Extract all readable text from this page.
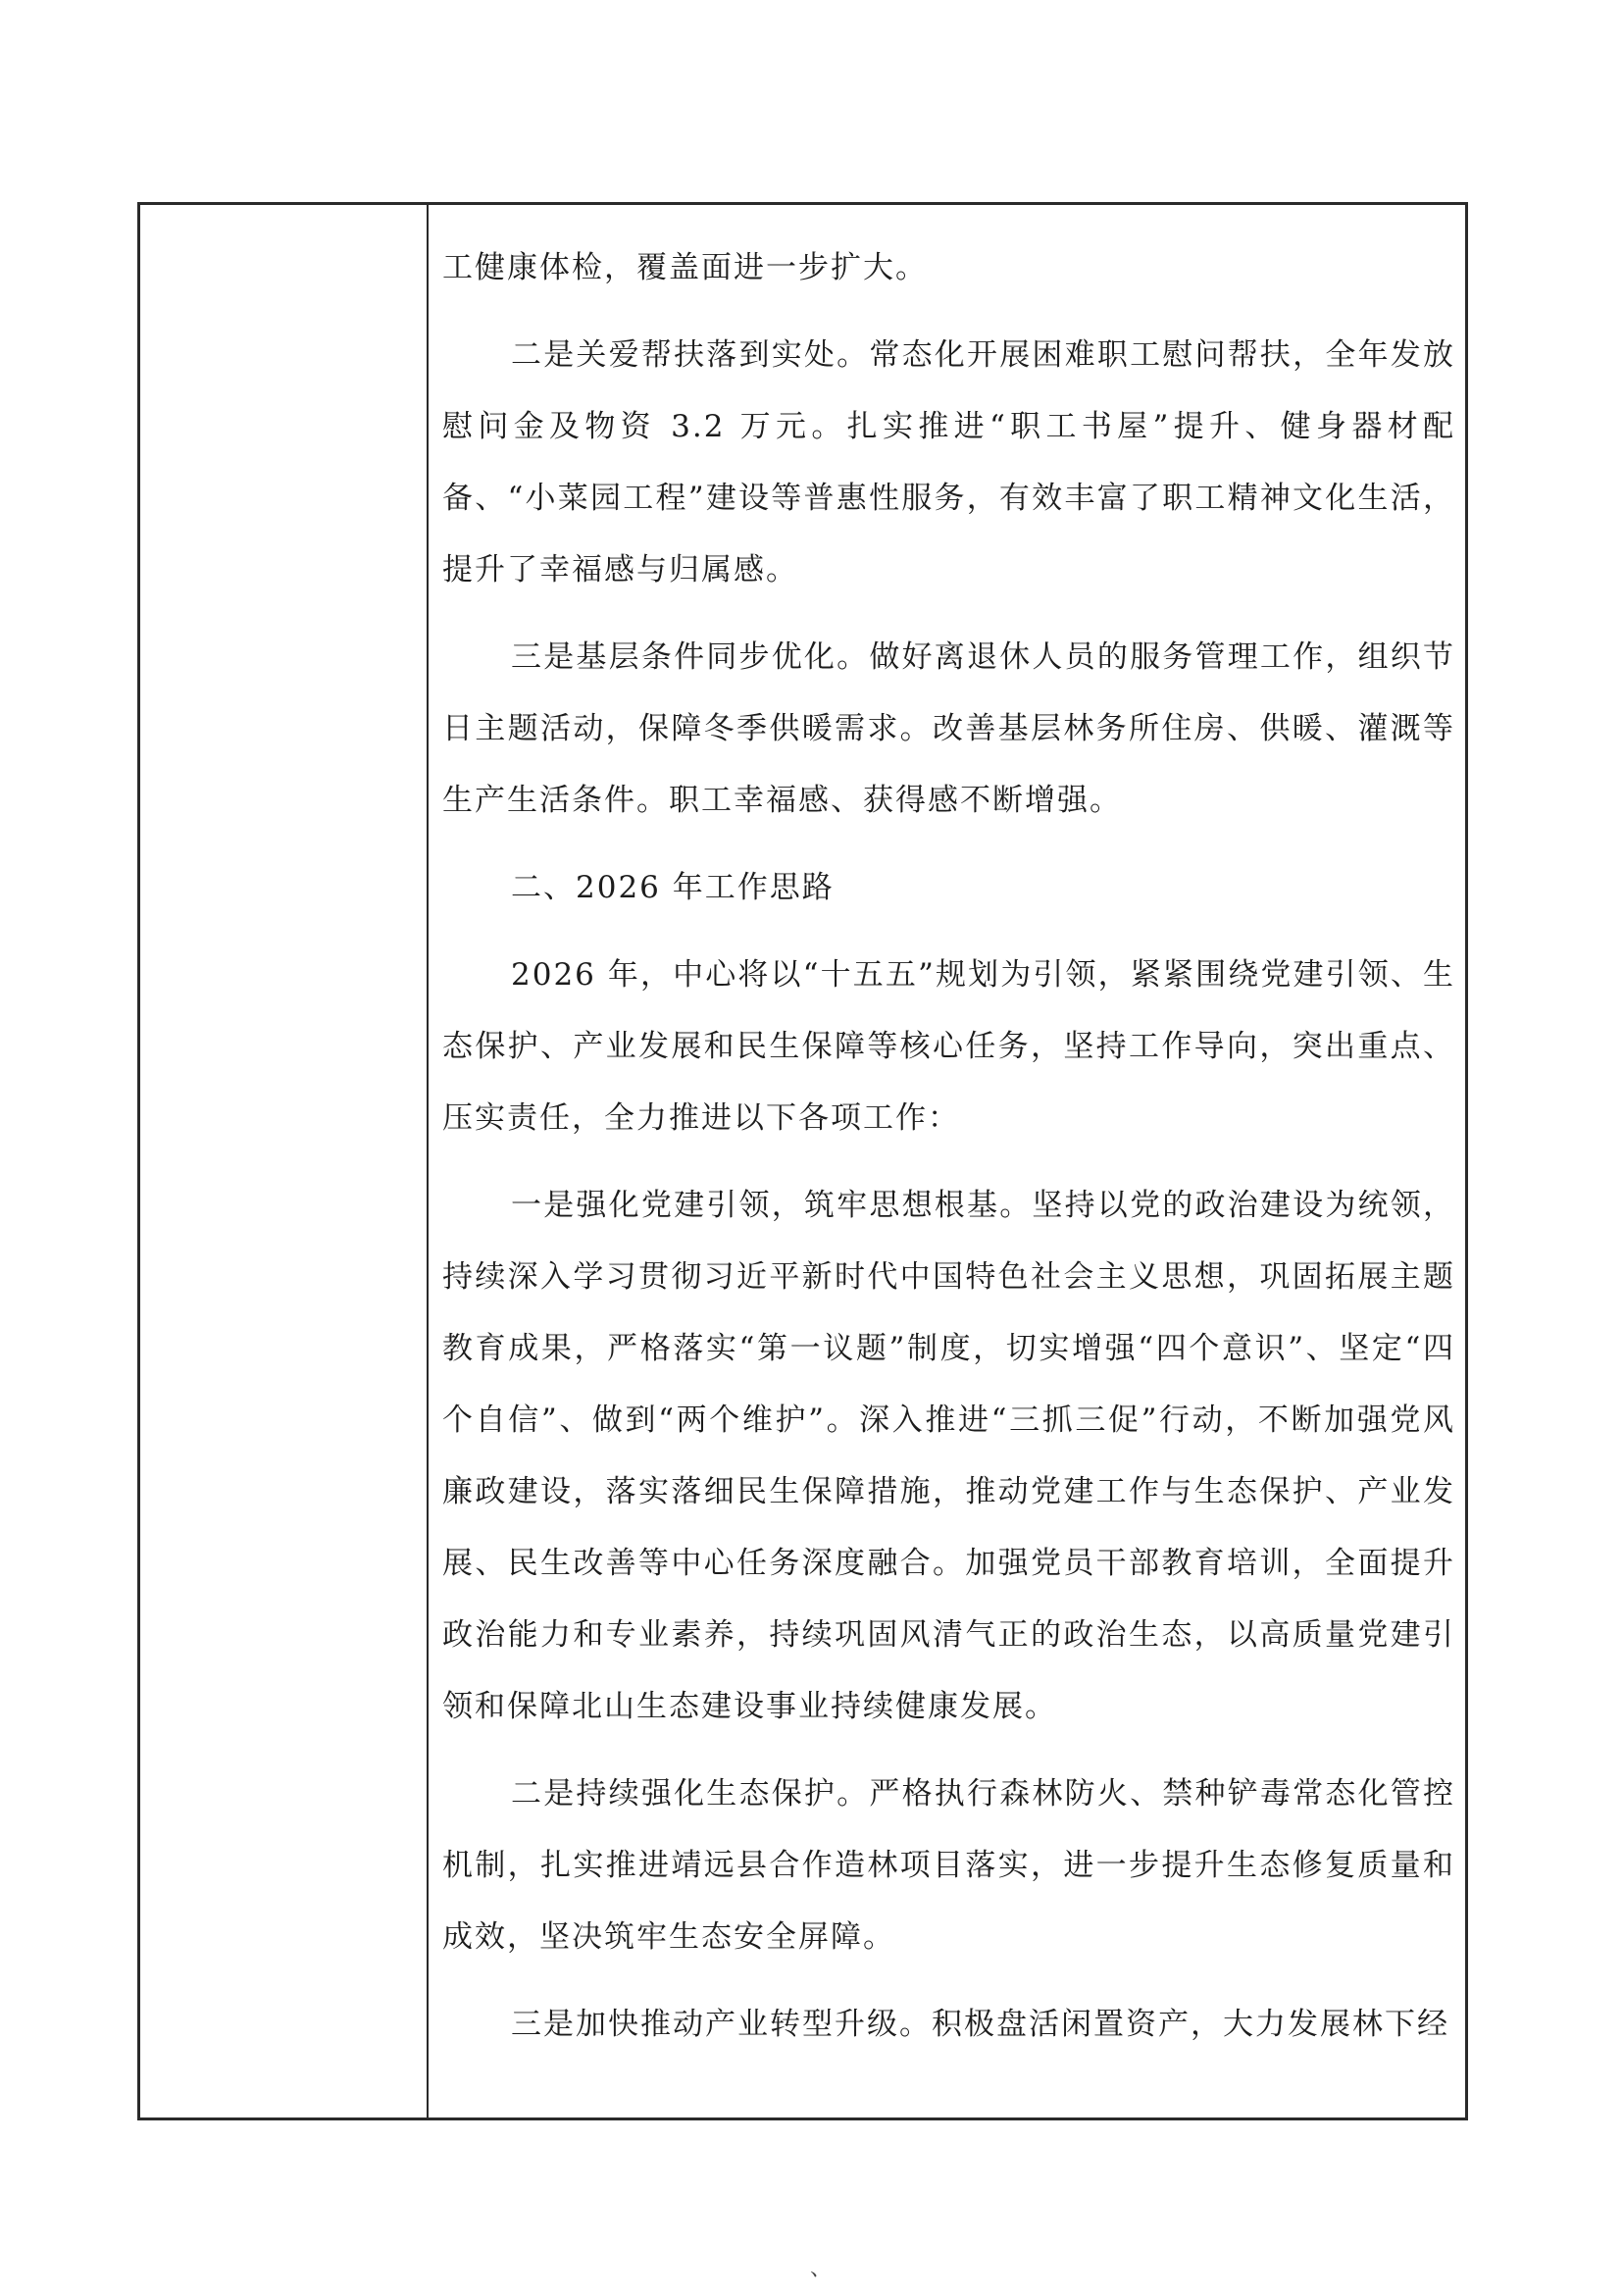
工健康体检，覆盖面进一步扩大。

二是关爱帮扶落到实处。常态化开展困难职工慰问帮扶，全年发放慰问金及物资 3.2 万元。扎实推进“职工书屋”提升、健身器材配备、“小菜园工程”建设等普惠性服务，有效丰富了职工精神文化生活，提升了幸福感与归属感。

三是基层条件同步优化。做好离退休人员的服务管理工作，组织节日主题活动，保障冬季供暖需求。改善基层林务所住房、供暖、灌溉等生产生活条件。职工幸福感、获得感不断增强。

二、2026 年工作思路

2026 年，中心将以“十五五”规划为引领，紧紧围绕党建引领、生态保护、产业发展和民生保障等核心任务，坚持工作导向，突出重点、压实责任，全力推进以下各项工作：

一是强化党建引领，筑牢思想根基。坚持以党的政治建设为统领，持续深入学习贯彻习近平新时代中国特色社会主义思想，巩固拓展主题教育成果，严格落实“第一议题”制度，切实增强“四个意识”、坚定“四个自信”、做到“两个维护”。深入推进“三抓三促”行动，不断加强党风廉政建设，落实落细民生保障措施，推动党建工作与生态保护、产业发展、民生改善等中心任务深度融合。加强党员干部教育培训，全面提升政治能力和专业素养，持续巩固风清气正的政治生态，以高质量党建引领和保障北山生态建设事业持续健康发展。

二是持续强化生态保护。严格执行森林防火、禁种铲毒常态化管控机制，扎实推进靖远县合作造林项目落实，进一步提升生态修复质量和成效，坚决筑牢生态安全屏障。

三是加快推动产业转型升级。积极盘活闲置资产，大力发展林下经

、
